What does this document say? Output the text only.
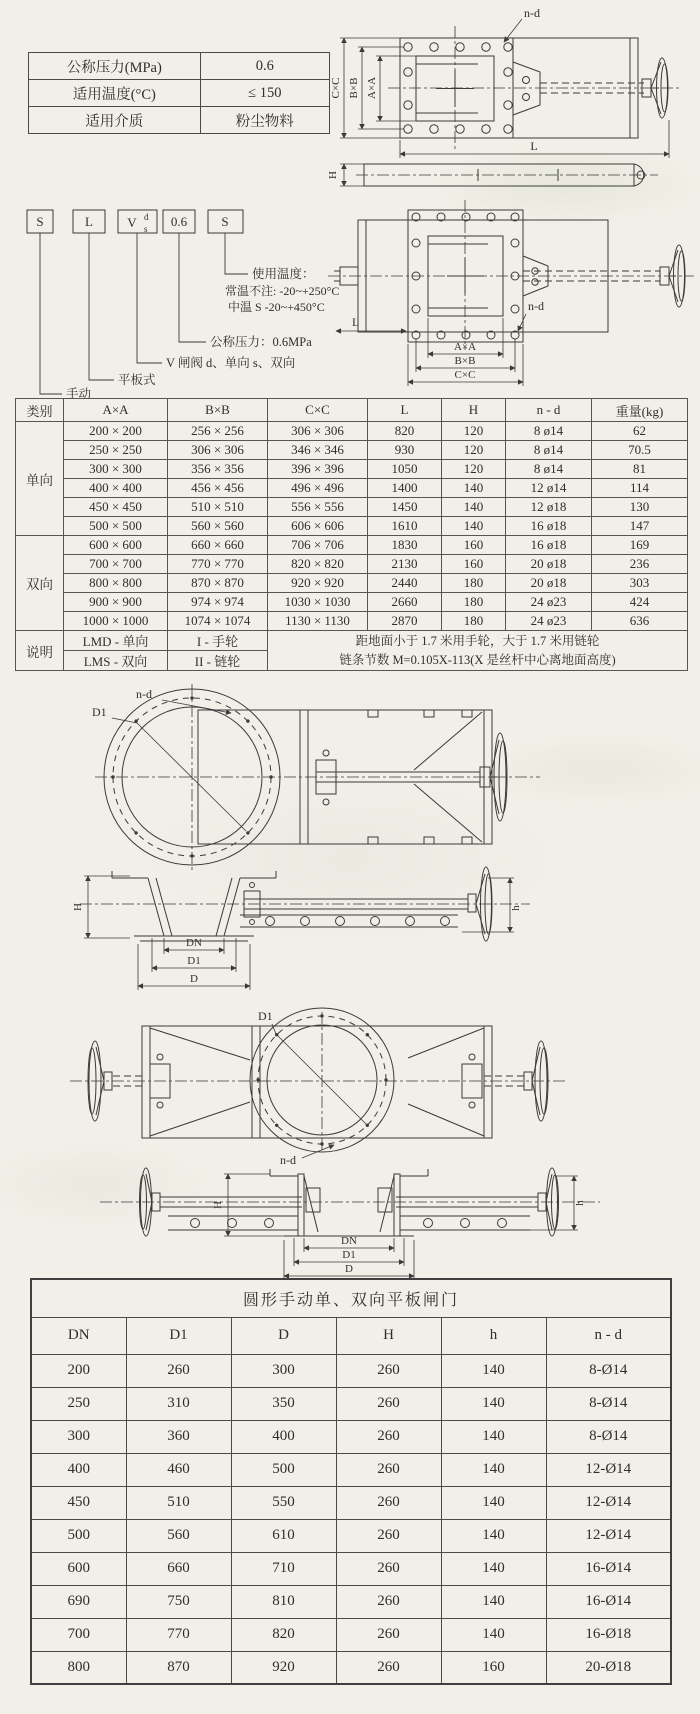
公称压力(MPa)	0.6
适用温度(°C)	≤ 150
适用介质	粉尘物料
C×C B×B A×A
L
n-d
H
n-d
A×A
B×B
C×C
L
S	L	V d
s 0.6	S
使用温度：
常温不注: -20~+250°C
中温 S -20~+450°C
公称压力：0.6MPa
V 闸阀 d、单向 s、双向
平板式
手动
类别	A×A	B×B	C×C	L	H	n - d	重量(kg)
单向	200 × 200	256 × 256	306 × 306	820	120	8 ø14	62
	250 × 250	306 × 306	346 × 346	930	120	8 ø14	70.5
	300 × 300	356 × 356	396 × 396	1050	120	8 ø14	81
	400 × 400	456 × 456	496 × 496	1400	140	12 ø14	114
	450 × 450	510 × 510	556 × 556	1450	140	12 ø18	130
	500 × 500	560 × 560	606 × 606	1610	140	16 ø18	147
双向	600 × 600	660 × 660	706 × 706	1830	160	16 ø18	169
	700 × 700	770 × 770	820 × 820	2130	160	20 ø18	236
	800 × 800	870 × 870	920 × 920	2440	180	20 ø18	303
	900 × 900	974 × 974	1030 × 1030	2660	180	24 ø23	424
	1000 × 1000	1074 × 1074	1130 × 1130	2870	180	24 ø23	636
说明	LMD - 单向	I - 手轮	距地面小于 1.7 米用手轮，大于 1.7 米用链轮
链条节数 M=0.105X-113(X 是丝杆中心离地面高度)				

	LMS - 双向	II - 链轮					
n-d
D1
H	h
DN
D1
D
D1
n-d
H	h
DN
D1
D
圆形手动单、双向平板闸门					
DN	D1	D	H	h	n - d
200	260	300	260	140	8-Ø14
250	310	350	260	140	8-Ø14
300	360	400	260	140	8-Ø14
400	460	500	260	140	12-Ø14
450	510	550	260	140	12-Ø14
500	560	610	260	140	12-Ø14
600	660	710	260	140	16-Ø14
690	750	810	260	140	16-Ø14
700	770	820	260	140	16-Ø18
800	870	920	260	160	20-Ø18
